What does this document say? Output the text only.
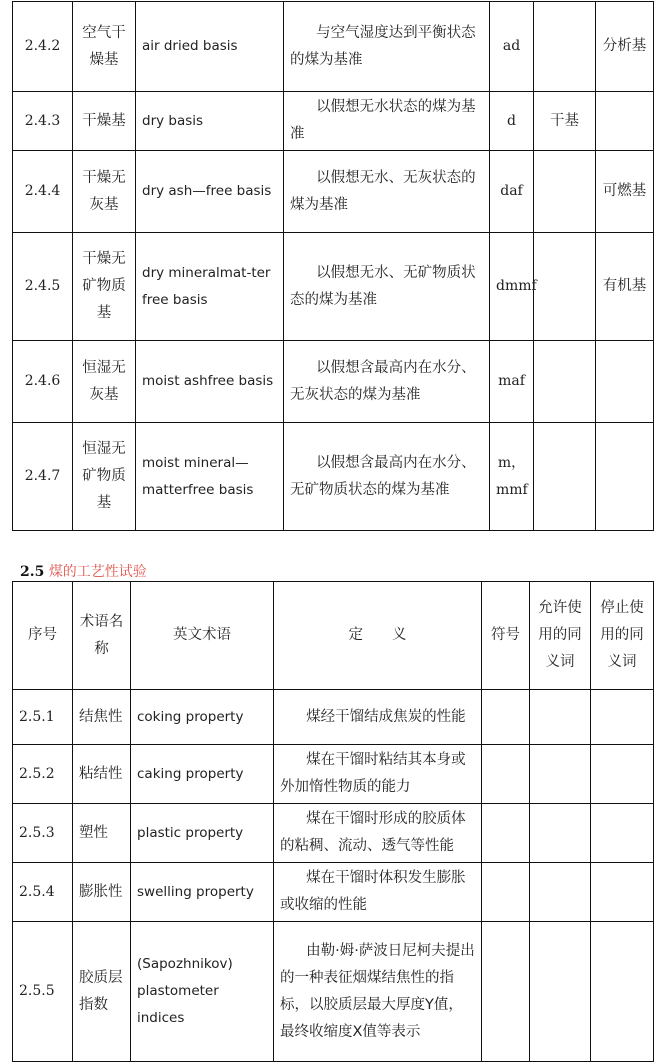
2.4.2	空气干燥基	air dried basis	与空气湿度达到平衡状态的煤为基准	ad		分析基
2.4.3	干燥基	dry basis	以假想无水状态的煤为基准	d	干基	
2.4.4	干燥无灰基	dry ash—free basis	以假想无水、无灰状态的煤为基准	daf		可燃基
2.4.5	干燥无矿物质基	dry mineralmat-ter free basis	以假想无水、无矿物质状态的煤为基准	dmmf		有机基
2.4.6	恒湿无灰基	moist ashfree basis	以假想含最高内在水分、无灰状态的煤为基准	maf		
2.4.7	恒湿无矿物质基	moist mineral—matterfree basis	以假想含最高内在水分、无矿物质状态的煤为基准	m，mmf		
2.5 煤的工艺性试验
序号	术语名称	英文术语	定　　义	符号	允许使用的同义词	停止使用的同义词
2.5.1	结焦性	coking property	煤经干馏结成焦炭的性能			
2.5.2	粘结性	caking property	煤在干馏时粘结其本身或外加惰性物质的能力			
2.5.3	塑性	plastic property	煤在干馏时形成的胶质体的粘稠、流动、透气等性能			
2.5.4	膨胀性	swelling property	煤在干馏时体积发生膨胀或收缩的性能			
2.5.5	胶质层指数	(Sapozhnikov) plastometer indices	由勒·姆·萨波日尼柯夫提出的一种表征烟煤结焦性的指标，以胶质层最大厚度Y值，最终收缩度X值等表示			
